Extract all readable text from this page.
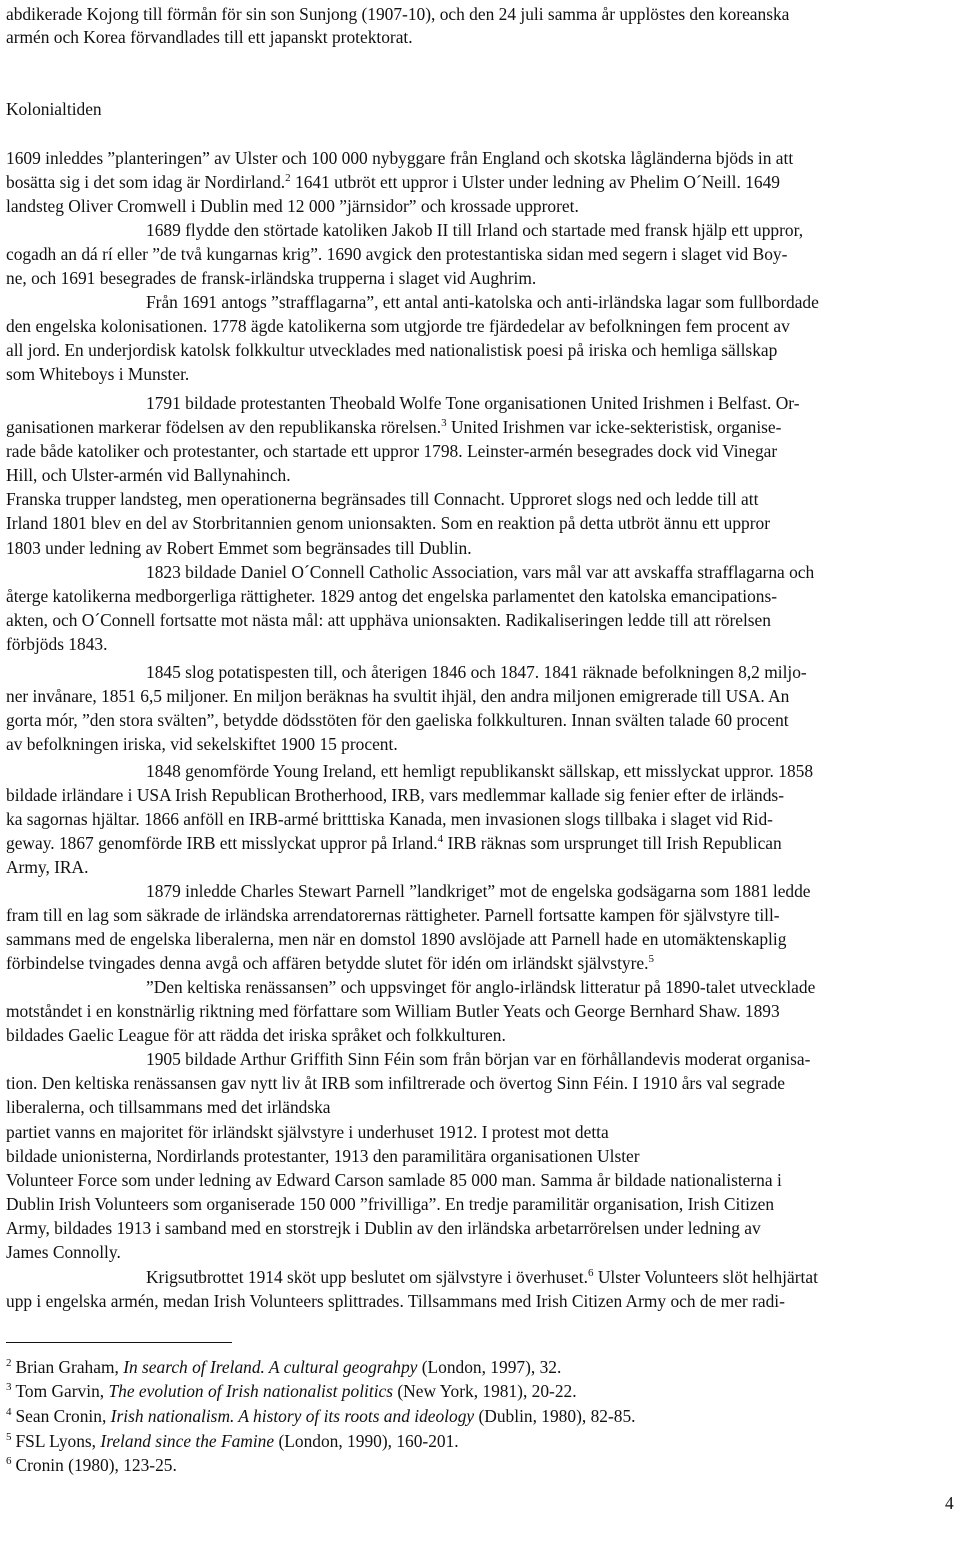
abdikerade Kojong till förmån för sin son Sunjong (1907-10), och den 24 juli samma år upplöstes den koreanska
armén och Korea förvandlades till ett japanskt protektorat.
Kolonialtiden
1609 inleddes ”planteringen” av Ulster och 100 000 nybyggare från England och skotska lågländerna bjöds in att
bosätta sig i det som idag är Nordirland.$^2$ 1641 utbröt ett uppror i Ulster under ledning av Phelim O´Neill. 1649
landsteg Oliver Cromwell i Dublin med 12 000 ”järnsidor” och krossade upproret.
1689 flydde den störtade katoliken Jakob II till Irland och startade med fransk hjälp ett uppror,
cogadh an dá rí eller ”de två kungarnas krig”. 1690 avgick den protestantiska sidan med segern i slaget vid Boy-
ne, och 1691 besegrades de fransk-irländska trupperna i slaget vid Aughrim.
Från 1691 antogs ”strafflagarna”, ett antal anti-katolska och anti-irländska lagar som fullbordade
den engelska kolonisationen. 1778 ägde katolikerna som utgjorde tre fjärdedelar av befolkningen fem procent av
all jord. En underjordisk katolsk folkkultur utvecklades med nationalistisk poesi på iriska och hemliga sällskap
som Whiteboys i Munster.
1791 bildade protestanten Theobald Wolfe Tone organisationen United Irishmen i Belfast. Or-
ganisationen markerar födelsen av den republikanska rörelsen.$^3$ United Irishmen var icke-sekteristisk, organise-
rade både katoliker och protestanter, och startade ett uppror 1798. Leinster-armén besegrades dock vid Vinegar
Hill, och Ulster-armén vid Ballynahinch.
Franska trupper landsteg, men operationerna begränsades till Connacht. Upproret slogs ned och ledde till att
Irland 1801 blev en del av Storbritannien genom unionsakten. Som en reaktion på detta utbröt ännu ett uppror
1803 under ledning av Robert Emmet som begränsades till Dublin.
1823 bildade Daniel O´Connell Catholic Association, vars mål var att avskaffa strafflagarna och
återge katolikerna medborgerliga rättigheter. 1829 antog det engelska parlamentet den katolska emancipations-
akten, och O´Connell fortsatte mot nästa mål: att upphäva unionsakten. Radikaliseringen ledde till att rörelsen
förbjöds 1843.
1845 slog potatispesten till, och återigen 1846 och 1847. 1841 räknade befolkningen 8,2 miljo-
ner invånare, 1851 6,5 miljoner. En miljon beräknas ha svultit ihjäl, den andra miljonen emigrerade till USA. An
gorta mór, ”den stora svälten”, betydde dödsstöten för den gaeliska folkkulturen. Innan svälten talade 60 procent
av befolkningen iriska, vid sekelskiftet 1900 15 procent.
1848 genomförde Young Ireland, ett hemligt republikanskt sällskap, ett misslyckat uppror. 1858
bildade irländare i USA Irish Republican Brotherhood, IRB, vars medlemmar kallade sig fenier efter de irländs-
ka sagornas hjältar. 1866 anföll en IRB-armé britttiska Kanada, men invasionen slogs tillbaka i slaget vid Rid-
geway. 1867 genomförde IRB ett misslyckat uppror på Irland.$^4$ IRB räknas som ursprunget till Irish Republican
Army, IRA.
1879 inledde Charles Stewart Parnell ”landkriget” mot de engelska godsägarna som 1881 ledde
fram till en lag som säkrade de irländska arrendatorernas rättigheter. Parnell fortsatte kampen för självstyre till-
sammans med de engelska liberalerna, men när en domstol 1890 avslöjade att Parnell hade en utomäktenskaplig
förbindelse tvingades denna avgå och affären betydde slutet för idén om irländskt självstyre.$^5$
”Den keltiska renässansen” och uppsvinget för anglo-irländsk litteratur på 1890-talet utvecklade
motståndet i en konstnärlig riktning med författare som William Butler Yeats och George Bernhard Shaw. 1893
bildades Gaelic League för att rädda det iriska språket och folkkulturen.
1905 bildade Arthur Griffith Sinn Féin som från början var en förhållandevis moderat organisa-
tion. Den keltiska renässansen gav nytt liv åt IRB som infiltrerade och övertog Sinn Féin. I 1910 års val segrade
liberalerna, och tillsammans med det irländska
partiet vanns en majoritet för irländskt självstyre i underhuset 1912. I protest mot detta
bildade unionisterna, Nordirlands protestanter, 1913 den paramilitära organisationen Ulster
Volunteer Force som under ledning av Edward Carson samlade 85 000 man. Samma år bildade nationalisterna i
Dublin Irish Volunteers som organiserade 150 000 ”frivilliga”. En tredje paramilitär organisation, Irish Citizen
Army, bildades 1913 i samband med en storstrejk i Dublin av den irländska arbetarrörelsen under ledning av
James Connolly.
Krigsutbrottet 1914 sköt upp beslutet om självstyre i överhuset.$^6$ Ulster Volunteers slöt helhjärtat
upp i engelska armén, medan Irish Volunteers splittrades. Tillsammans med Irish Citizen Army och de mer radi-
$^2$ Brian Graham, In search of Ireland. A cultural geograhpy (London, 1997), 32.
$^3$ Tom Garvin, The evolution of Irish nationalist politics (New York, 1981), 20-22.
$^4$ Sean Cronin, Irish nationalism. A history of its roots and ideology (Dublin, 1980), 82-85.
$^5$ FSL Lyons, Ireland since the Famine (London, 1990), 160-201.
$^6$ Cronin (1980), 123-25.
4
